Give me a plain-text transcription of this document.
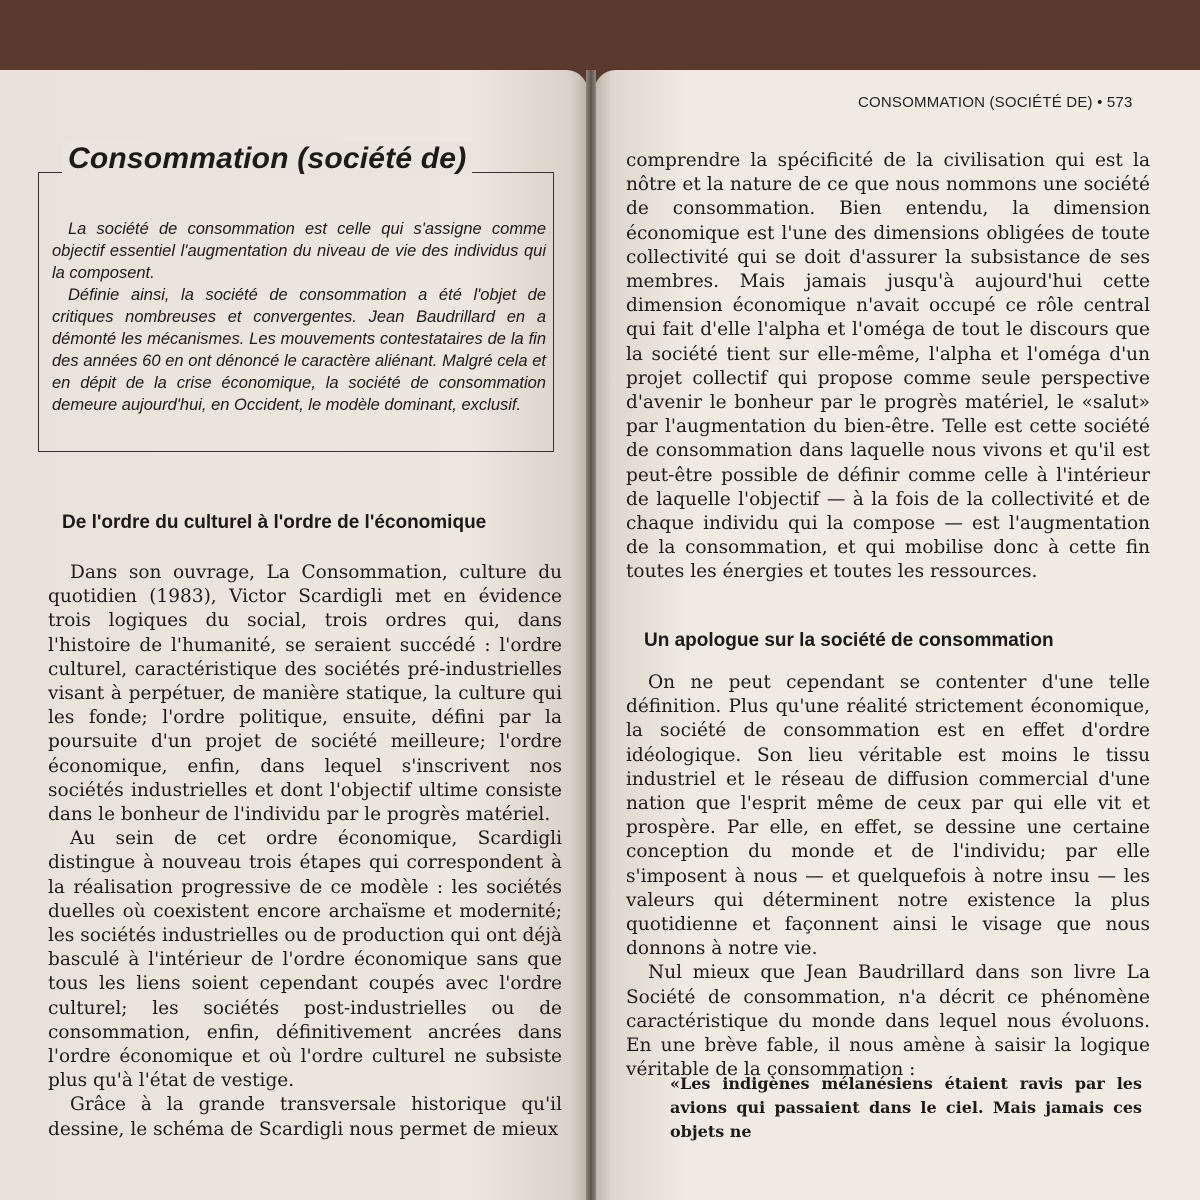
CONSOMMATION (SOCIÉTÉ DE) • 573
Consommation (société de)

La société de consommation est celle qui s'assigne comme objectif essentiel l'augmentation du niveau de vie des individus qui la composent.

Définie ainsi, la société de consommation a été l'objet de critiques nombreuses et convergentes. Jean Baudrillard en a démonté les mécanismes. Les mouvements contestataires de la fin des années 60 en ont dénoncé le caractère aliénant. Malgré cela et en dépit de la crise économique, la société de consommation demeure aujourd'hui, en Occident, le modèle dominant, exclusif.

De l'ordre du culturel à l'ordre de l'économique

Dans son ouvrage, La Consommation, culture du quotidien (1983), Victor Scardigli met en évidence trois logiques du social, trois ordres qui, dans l'histoire de l'humanité, se seraient succédé : l'ordre culturel, caractéristique des sociétés pré-industrielles visant à perpétuer, de manière statique, la culture qui les fonde; l'ordre politique, ensuite, défini par la poursuite d'un projet de société meilleure; l'ordre économique, enfin, dans lequel s'inscrivent nos sociétés industrielles et dont l'objectif ultime consiste dans le bonheur de l'individu par le progrès matériel.

Au sein de cet ordre économique, Scardigli distingue à nouveau trois étapes qui correspondent à la réalisation progressive de ce modèle : les sociétés duelles où coexistent encore archaïsme et modernité; les sociétés industrielles ou de production qui ont déjà basculé à l'intérieur de l'ordre économique sans que tous les liens soient cependant coupés avec l'ordre culturel; les sociétés post-industrielles ou de consommation, enfin, définitivement ancrées dans l'ordre économique et où l'ordre culturel ne subsiste plus qu'à l'état de vestige.

Grâce à la grande transversale historique qu'il dessine, le schéma de Scardigli nous permet de mieux

comprendre la spécificité de la civilisation qui est la nôtre et la nature de ce que nous nommons une société de consommation. Bien entendu, la dimension économique est l'une des dimensions obligées de toute collectivité qui se doit d'assurer la subsistance de ses membres. Mais jamais jusqu'à aujourd'hui cette dimension économique n'avait occupé ce rôle central qui fait d'elle l'alpha et l'oméga de tout le discours que la société tient sur elle-même, l'alpha et l'oméga d'un projet collectif qui propose comme seule perspective d'avenir le bonheur par le progrès matériel, le «salut» par l'augmentation du bien-être. Telle est cette société de consommation dans laquelle nous vivons et qu'il est peut-être possible de définir comme celle à l'intérieur de laquelle l'objectif — à la fois de la collectivité et de chaque individu qui la compose — est l'augmentation de la consommation, et qui mobilise donc à cette fin toutes les énergies et toutes les ressources.

Un apologue sur la société de consommation

On ne peut cependant se contenter d'une telle définition. Plus qu'une réalité strictement économique, la société de consommation est en effet d'ordre idéologique. Son lieu véritable est moins le tissu industriel et le réseau de diffusion commercial d'une nation que l'esprit même de ceux par qui elle vit et prospère. Par elle, en effet, se dessine une certaine conception du monde et de l'individu; par elle s'imposent à nous — et quelquefois à notre insu — les valeurs qui déterminent notre existence la plus quotidienne et façonnent ainsi le visage que nous donnons à notre vie.

Nul mieux que Jean Baudrillard dans son livre La Société de consommation, n'a décrit ce phénomène caractéristique du monde dans lequel nous évoluons. En une brève fable, il nous amène à saisir la logique véritable de la consommation :

«Les indigènes mélanésiens étaient ravis par les avions qui passaient dans le ciel. Mais jamais ces objets ne
